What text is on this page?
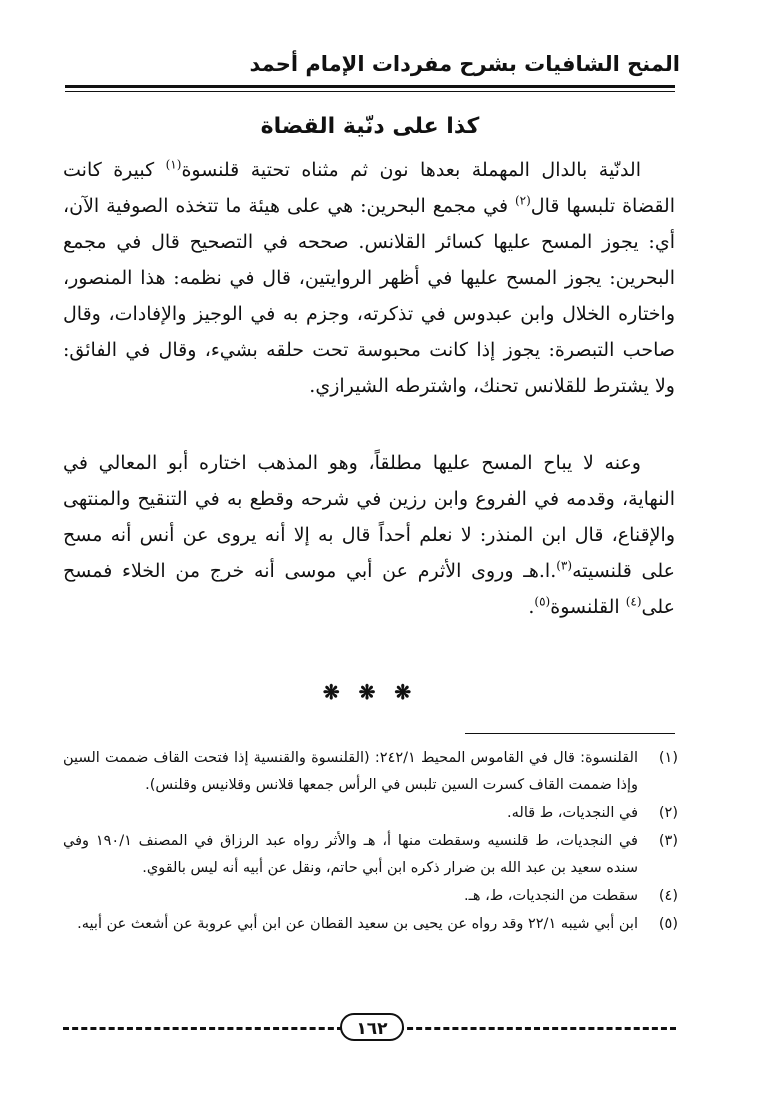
المنح الشافيات بشرح مفردات الإمام أحمد
كذا على دنّية القضاة

الدنّية بالدال المهملة بعدها نون ثم مثناه تحتية قلنسوة$^{(١)}$ كبيرة كانت القضاة تلبسها قال$^{(٢)}$ في مجمع البحرين: هي على هيئة ما تتخذه الصوفية الآن، أي: يجوز المسح عليها كسائر القلانس. صححه في التصحيح قال في مجمع البحرين: يجوز المسح عليها في أظهر الروايتين، قال في نظمه: هذا المنصور، واختاره الخلال وابن عبدوس في تذكرته، وجزم به في الوجيز والإفادات، وقال صاحب التبصرة: يجوز إذا كانت محبوسة تحت حلقه بشيء، وقال في الفائق: ولا يشترط للقلانس تحنك، واشترطه الشيرازي.

وعنه لا يباح المسح عليها مطلقاً، وهو المذهب اختاره أبو المعالي في النهاية، وقدمه في الفروع وابن رزين في شرحه وقطع به في التنقيح والمنتهى والإقناع، قال ابن المنذر: لا نعلم أحداً قال به إلا أنه يروى عن أنس أنه مسح على قلنسيته$^{(٣)}$.ا.هـ وروى الأثرم عن أبي موسى أنه خرج من الخلاء فمسح على$^{(٤)}$ القلنسوة$^{(٥)}$.

❋ ❋ ❋
(١)
القلنسوة: قال في القاموس المحيط ٢٤٢/١: (القلنسوة والقنسية إذا فتحت القاف ضممت السين وإذا ضممت القاف كسرت السين تلبس في الرأس جمعها قلانس وقلانيس وقلنس).
(٢)
في النجديات، ط قاله.
(٣)
في النجديات، ط قلنسيه وسقطت منها أ، هـ والأثر رواه عبد الرزاق في المصنف ١٩٠/١ وفي سنده سعيد بن عبد الله بن ضرار ذكره ابن أبي حاتم، ونقل عن أبيه أنه ليس بالقوي.
(٤)
سقطت من النجديات، ط، هـ.
(٥)
ابن أبي شيبه ٢٢/١ وقد رواه عن يحيى بن سعيد القطان عن ابن أبي عروبة عن أشعث عن أبيه.
١٦٢
